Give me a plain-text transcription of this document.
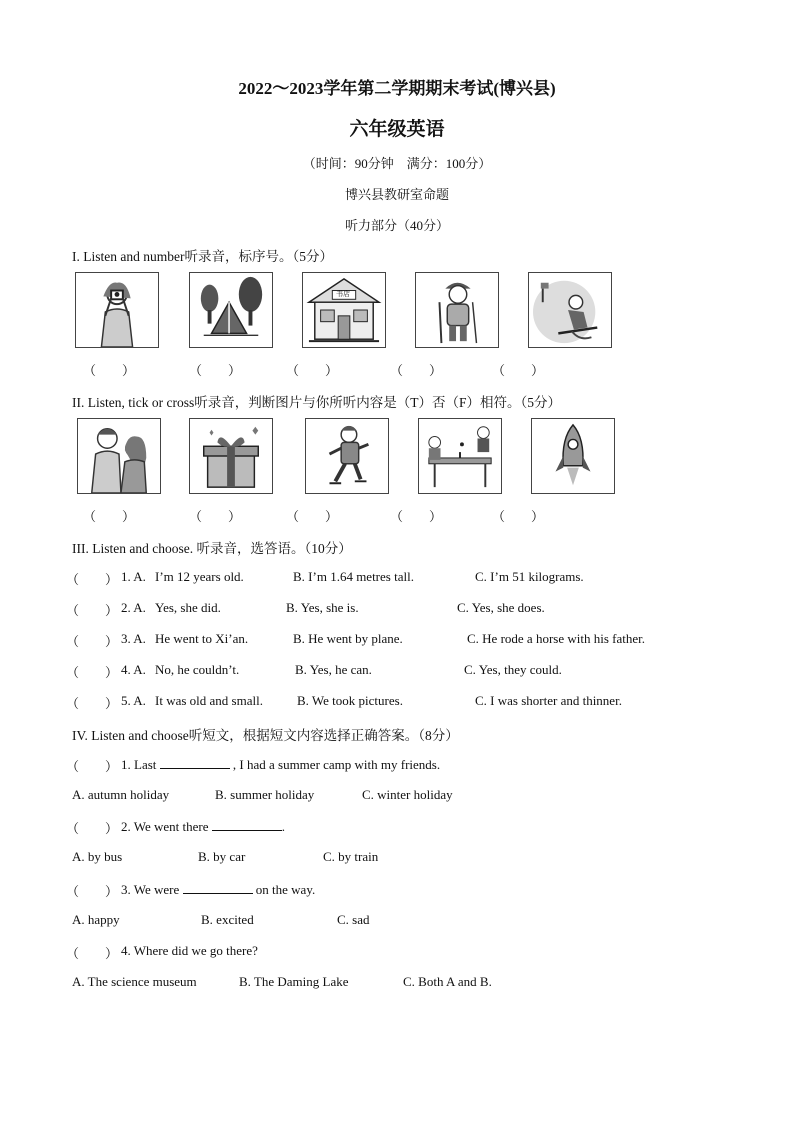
2022～2023学年第二学期期末考试(博兴县)
六年级英语
（时间：90分钟　满分：100分）
博兴县教研室命题
听力部分（40分）
I. Listen and number听录音，标序号。（5分）
书店
（　　）	（　　）	（　　）	（　　）	（　　）
II. Listen, tick or cross听录音，判断图片与你所听内容是（T）否（F）相符。（5分）
（　　）	（　　）	（　　）	（　　）	（　　）
III. Listen and choose. 听录音，选答语。（10分）
（　　） 1. A. I’m 12 years old.	B. I’m 1.64 metres tall.	C. I’m 51 kilograms.
（　　） 2. A. Yes, she did.	B. Yes, she is.	C. Yes, she does.
（　　） 3. A. He went to Xi’an.	B. He went by plane.	C. He rode a horse with his father.
（　　） 4. A. No, he couldn’t.	B. Yes, he can.	C. Yes, they could.
（　　） 5. A. It was old and small.	B. We took pictures.	C. I was shorter and thinner.
IV. Listen and choose听短文，根据短文内容选择正确答案。（8分）
（　　） 1. Last	, I had a summer camp with my friends.
A. autumn holiday	B. summer holiday	C. winter holiday
（　　） 2. We went there	.
A. by bus	B. by car	C. by train
（　　） 3. We were	on the way.
A. happy	B. excited	C. sad
（　　） 4. Where did we go there?
A. The science museum	B. The Daming Lake	C. Both A and B.
